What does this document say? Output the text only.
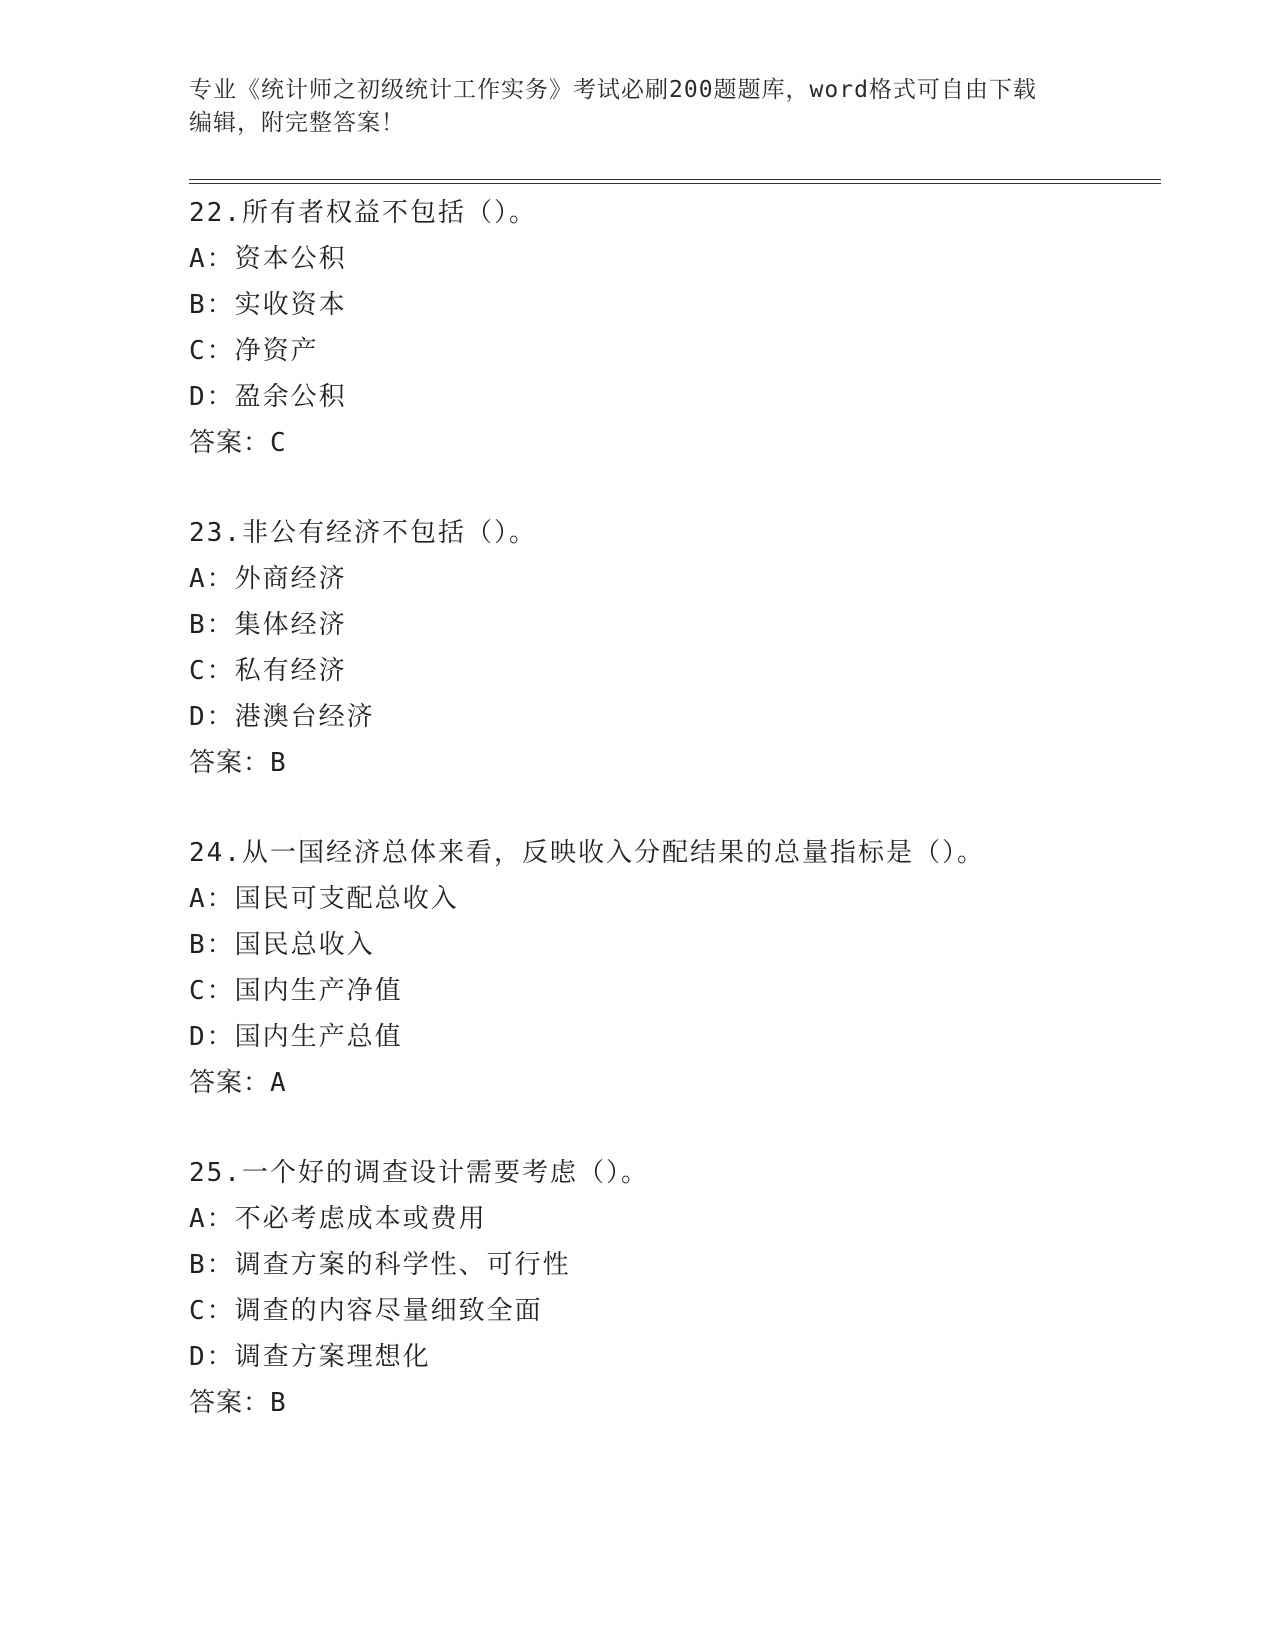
专业《统计师之初级统计工作实务》考试必刷200题题库，word格式可自由下载
编辑，附完整答案！
22.所有者权益不包括（）。
A：资本公积
B：实收资本
C：净资产
D：盈余公积
答案：C
23.非公有经济不包括（）。
A：外商经济
B：集体经济
C：私有经济
D：港澳台经济
答案：B
24.从一国经济总体来看，反映收入分配结果的总量指标是（）。
A：国民可支配总收入
B：国民总收入
C：国内生产净值
D：国内生产总值
答案：A
25.一个好的调查设计需要考虑（）。
A：不必考虑成本或费用
B：调查方案的科学性、可行性
C：调查的内容尽量细致全面
D：调查方案理想化
答案：B
